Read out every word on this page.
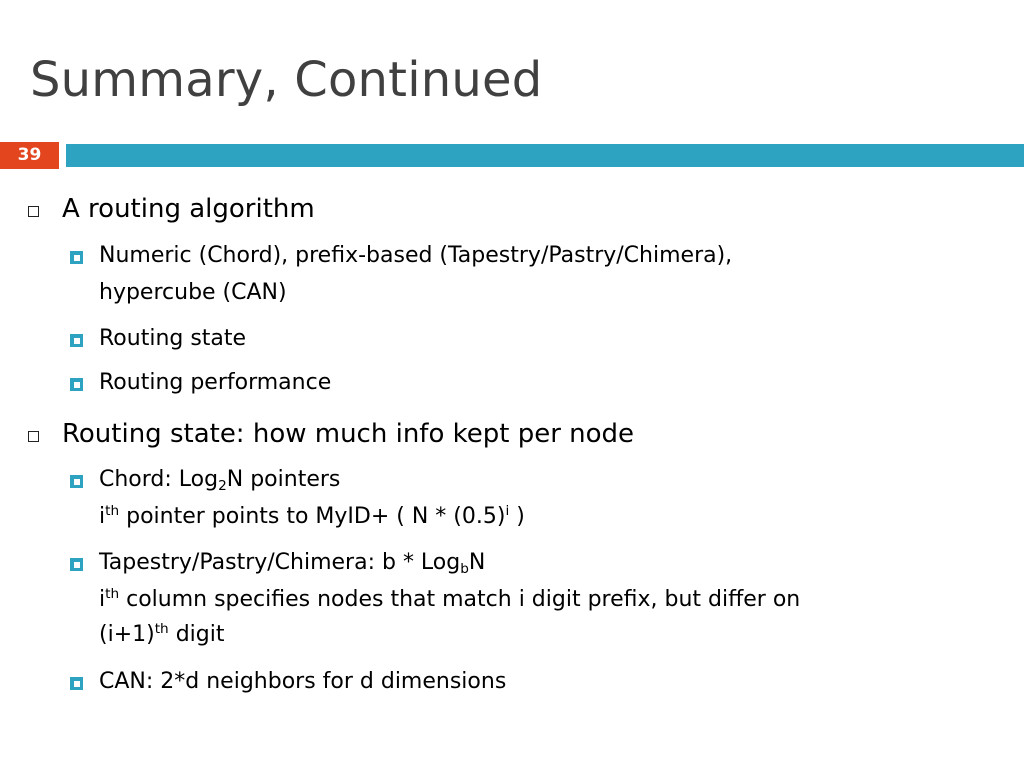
Summary, Continued
39
A routing algorithm
Numeric (Chord), prefix-based (Tapestry/Pastry/Chimera),
hypercube (CAN)
Routing state
Routing performance
Routing state: how much info kept per node
Chord: Log$_2$N pointers
$i^{th}$ pointer points to MyID+ ( N * $(0.5)^i$ )
Tapestry/Pastry/Chimera: b * Log$_b$N
$i^{th}$ column specifies nodes that match i digit prefix, but differ on
$(i+1)^{th}$ digit
CAN: 2*d neighbors for d dimensions
